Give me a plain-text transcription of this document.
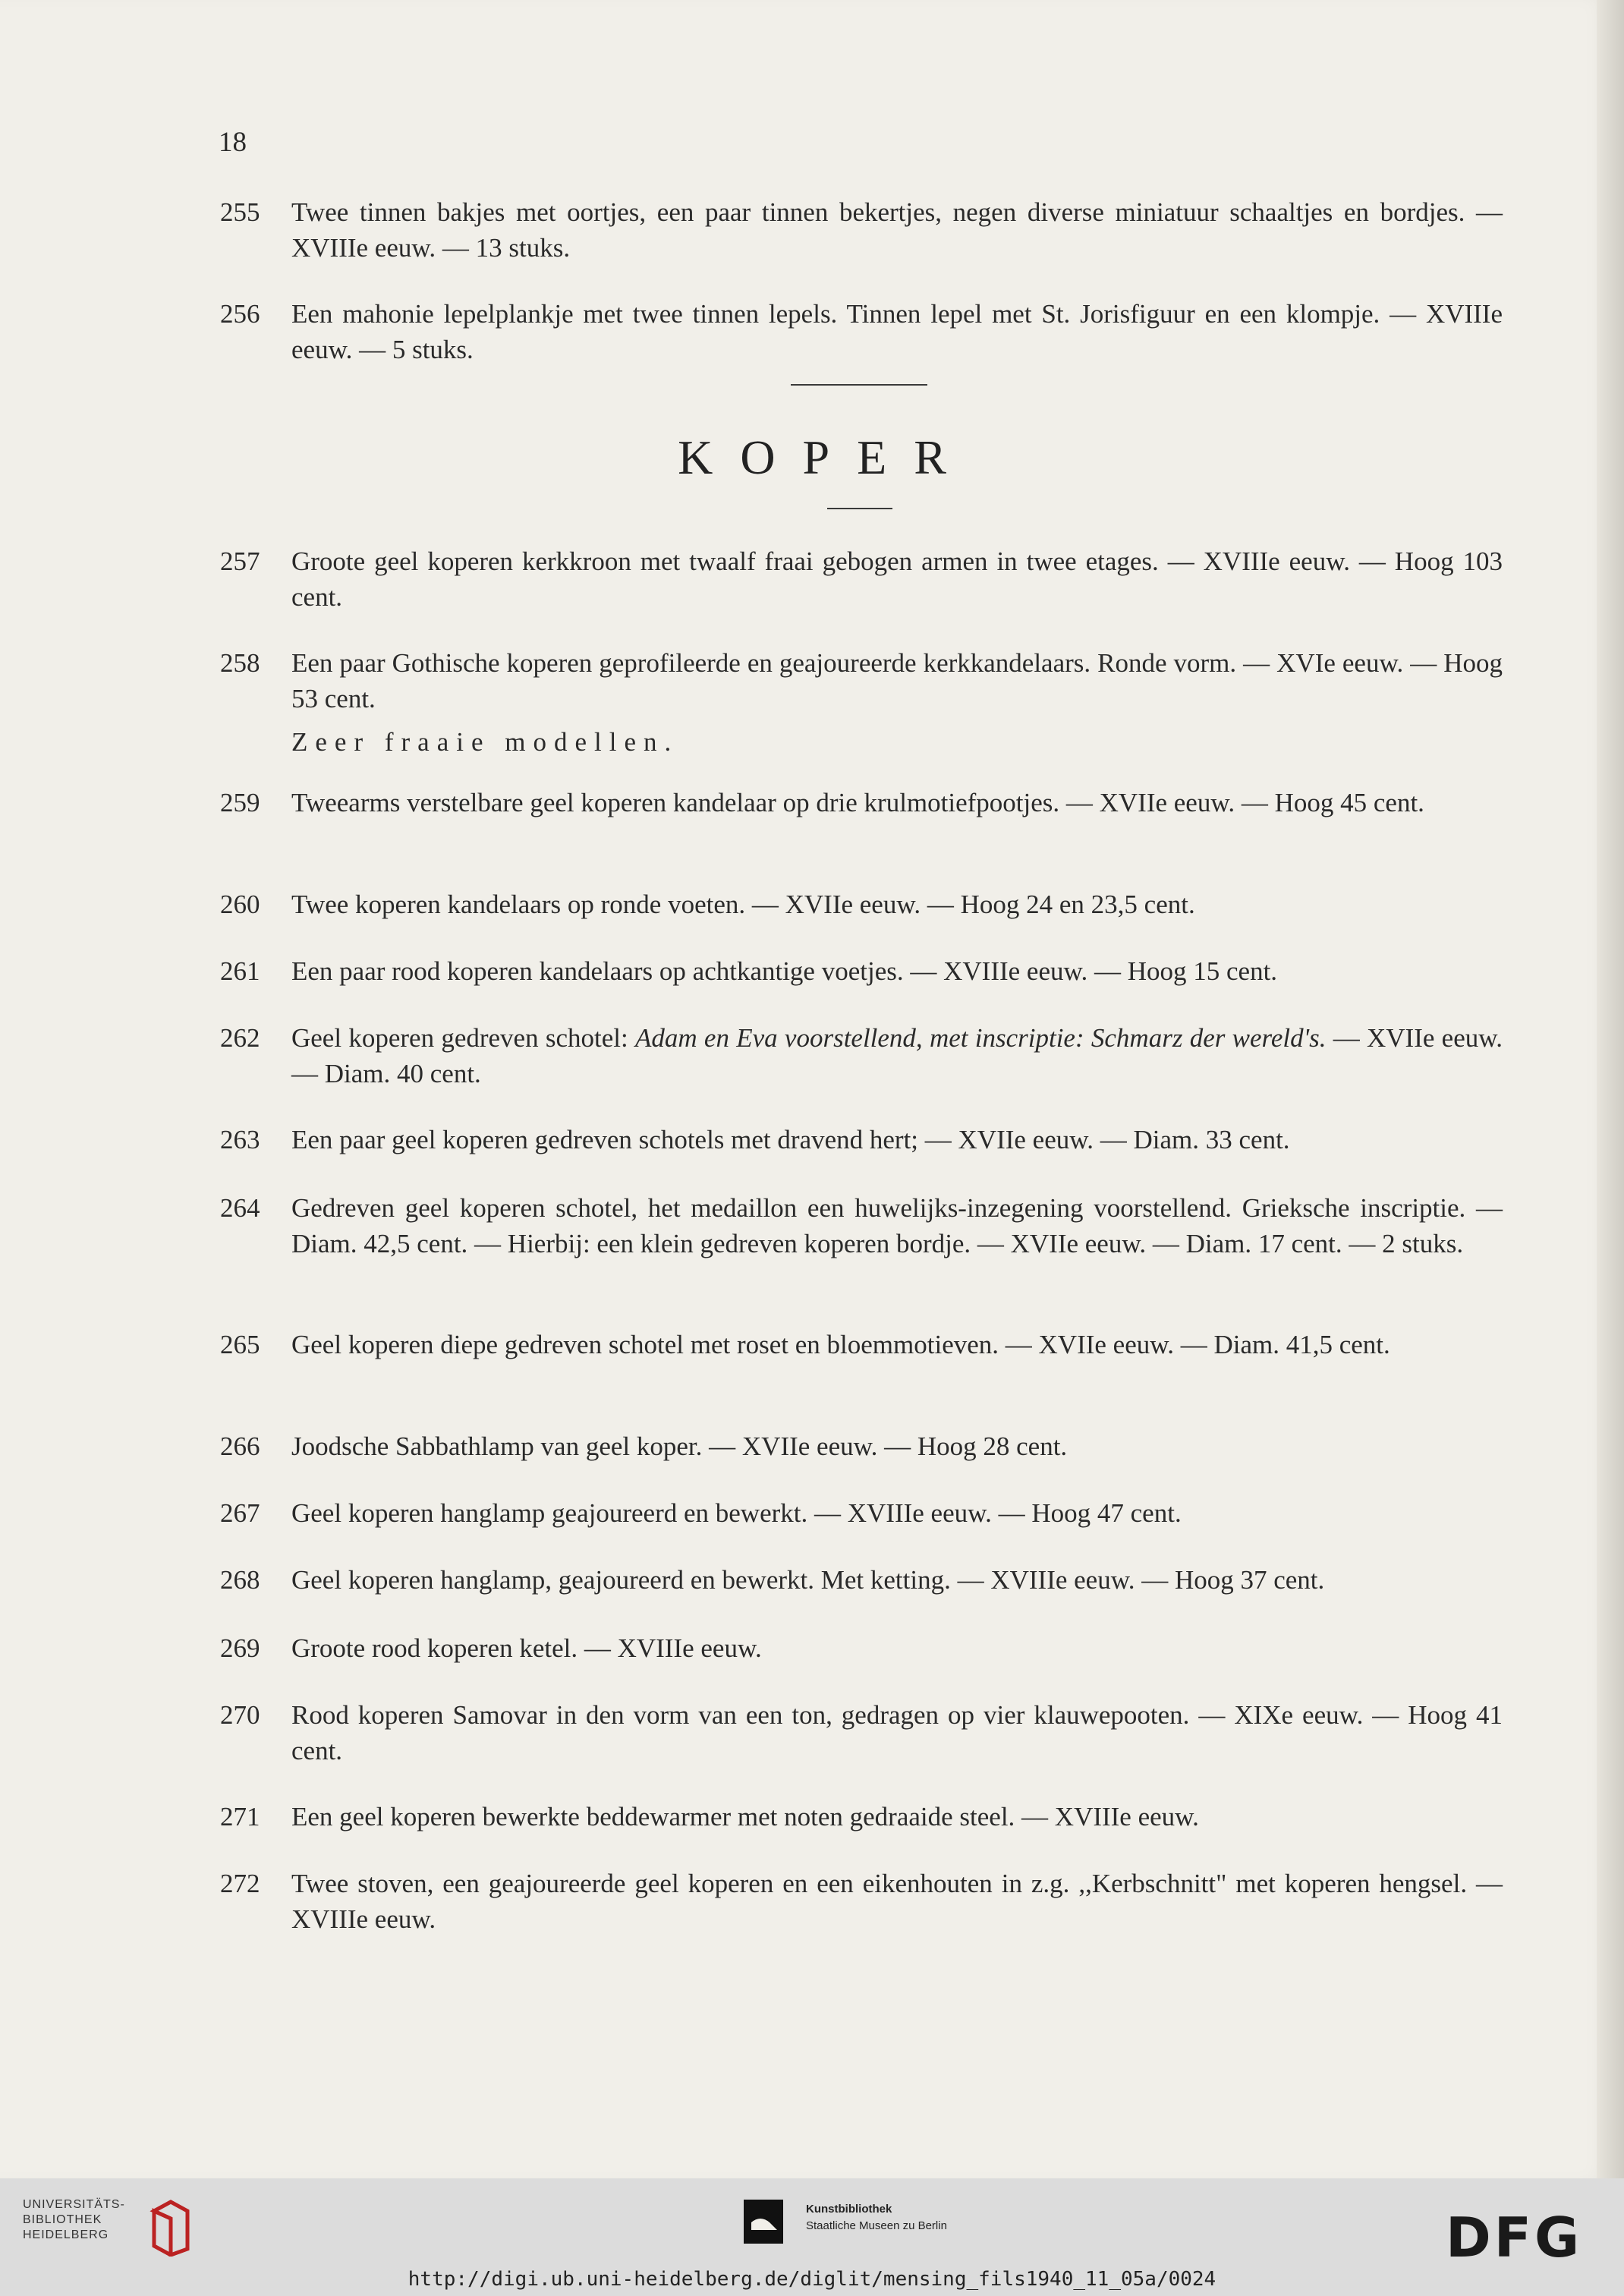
18
255 Twee tinnen bakjes met oortjes, een paar tinnen bekertjes, negen diverse miniatuur schaaltjes en bordjes. — XVIIIe eeuw. — 13 stuks.
256 Een mahonie lepelplankje met twee tinnen lepels. Tinnen lepel met St. Jorisfiguur en een klompje. — XVIIIe eeuw. — 5 stuks.
KOPER
257 Groote geel koperen kerkkroon met twaalf fraai gebogen armen in twee etages. — XVIIIe eeuw. — Hoog 103 cent.
258 Een paar Gothische koperen geprofileerde en geajoureerde kerkkandelaars. Ronde vorm. — XVIe eeuw. — Hoog 53 cent.
Zeer fraaie modellen.
259 Tweearms verstelbare geel koperen kandelaar op drie krulmotiefpootjes. — XVIIe eeuw. — Hoog 45 cent.
260 Twee koperen kandelaars op ronde voeten. — XVIIe eeuw. — Hoog 24 en 23,5 cent.
261 Een paar rood koperen kandelaars op achtkantige voetjes. — XVIIIe eeuw. — Hoog 15 cent.
262 Geel koperen gedreven schotel: Adam en Eva voorstellend, met inscriptie: Schmarz der wereld's. — XVIIe eeuw. — Diam. 40 cent.
263 Een paar geel koperen gedreven schotels met dravend hert; — XVIIe eeuw. — Diam. 33 cent.
264 Gedreven geel koperen schotel, het medaillon een huwelijks-inzegening voorstellend. Grieksche inscriptie. — Diam. 42,5 cent. — Hierbij: een klein gedreven koperen bordje. — XVIIe eeuw. — Diam. 17 cent. — 2 stuks.
265 Geel koperen diepe gedreven schotel met roset en bloemmotieven. — XVIIe eeuw. — Diam. 41,5 cent.
266 Joodsche Sabbathlamp van geel koper. — XVIIe eeuw. — Hoog 28 cent.
267 Geel koperen hanglamp geajoureerd en bewerkt. — XVIIIe eeuw. — Hoog 47 cent.
268 Geel koperen hanglamp, geajoureerd en bewerkt. Met ketting. — XVIIIe eeuw. — Hoog 37 cent.
269 Groote rood koperen ketel. — XVIIIe eeuw.
270 Rood koperen Samovar in den vorm van een ton, gedragen op vier klauwepooten. — XIXe eeuw. — Hoog 41 cent.
271 Een geel koperen bewerkte beddewarmer met noten gedraaide steel. — XVIIIe eeuw.
272 Twee stoven, een geajoureerde geel koperen en een eikenhouten in z.g. ,,Kerbschnitt" met koperen hengsel. — XVIIIe eeuw.
UNIVERSITÄTS-
BIBLIOTHEK
HEIDELBERG
Kunstbibliothek
Staatliche Museen zu Berlin	DFG
http://digi.ub.uni-heidelberg.de/diglit/mensing_fils1940_11_05a/0024
